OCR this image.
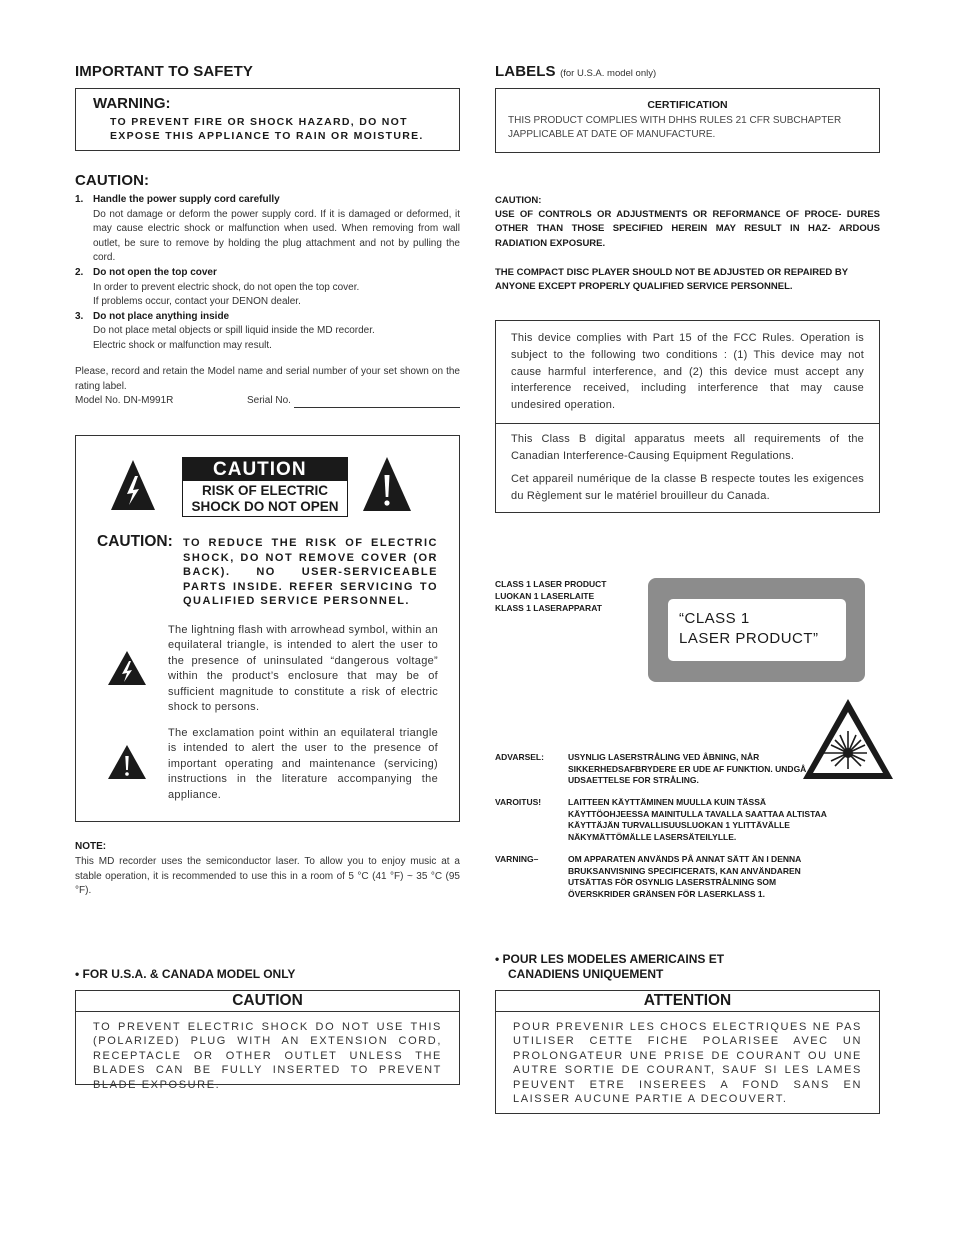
IMPORTANT TO SAFETY
WARNING:
TO PREVENT FIRE OR SHOCK HAZARD, DO NOT EXPOSE THIS APPLIANCE TO RAIN OR MOISTURE.
CAUTION:
1. Handle the power supply cord carefully
Do not damage or deform the power supply cord. If it is damaged or deformed, it may cause electric shock or malfunction when used. When removing from wall outlet, be sure to remove by holding the plug attachment and not by pulling the cord.
2. Do not open the top cover
In order to prevent electric shock, do not open the top cover.
If problems occur, contact your DENON dealer.
3. Do not place anything inside
Do not place metal objects or spill liquid inside the MD recorder.
Electric shock or malfunction may result.
Please, record and retain the Model name and serial number of your set shown on the rating label.
Model No. DN-M991R	Serial No.
CAUTION
RISK OF ELECTRIC
SHOCK DO NOT OPEN
CAUTION: TO REDUCE THE RISK OF ELECTRIC SHOCK, DO NOT REMOVE COVER (OR BACK). NO USER-SERVICEABLE PARTS INSIDE. REFER SERVICING TO QUALIFIED SERVICE PERSONNEL.
The lightning flash with arrowhead symbol, within an equilateral triangle, is intended to alert the user to the presence of uninsulated “dangerous voltage” within the product’s enclosure that may be of sufficient magnitude to constitute a risk of electric shock to persons.
The exclamation point within an equilateral triangle is intended to alert the user to the presence of important operating and maintenance (servicing) instructions in the literature accompanying the appliance.
NOTE:
This MD recorder uses the semiconductor laser. To allow you to enjoy music at a stable operation, it is recommended to use this in a room of 5 °C (41 °F) ~ 35 °C (95 °F).
• FOR U.S.A. & CANADA MODEL ONLY
CAUTION
TO PREVENT ELECTRIC SHOCK DO NOT USE THIS (POLARIZED) PLUG WITH AN EXTENSION CORD, RECEPTACLE OR OTHER OUTLET UNLESS THE BLADES CAN BE FULLY INSERTED TO PREVENT BLADE EXPOSURE.
LABELS (for U.S.A. model only)
CERTIFICATION
THIS PRODUCT COMPLIES WITH DHHS RULES 21 CFR SUBCHAPTER JAPPLICABLE AT DATE OF MANUFACTURE.
CAUTION:
USE OF CONTROLS OR ADJUSTMENTS OR REFORMANCE OF PROCE- DURES OTHER THAN THOSE SPECIFIED HEREIN MAY RESULT IN HAZ- ARDOUS RADIATION EXPOSURE.
THE COMPACT DISC PLAYER SHOULD NOT BE ADJUSTED OR REPAIRED BY ANYONE EXCEPT PROPERLY QUALIFIED SERVICE PERSONNEL.
This device complies with Part 15 of the FCC Rules. Operation is subject to the following two conditions : (1) This device may not cause harmful interference, and (2) this device must accept any interference received, including interference that may cause undesired operation.
This Class B digital apparatus meets all requirements of the Canadian Interference-Causing Equipment Regulations.
Cet appareil numérique de la classe B respecte toutes les exigences du Règlement sur le matériel brouilleur du Canada.
CLASS 1 LASER PRODUCT
LUOKAN 1 LASERLAITE
KLASS 1 LASERAPPARAT
“CLASS 1
LASER PRODUCT”
ADVARSEL:	USYNLIG LASERSTRÅLING VED ÅBNING, NÅR SIKKERHEDSAFBRYDERE ER UDE AF FUNKTION. UNDGÅ UDSAETTELSE FOR STRÅLING.
VAROITUS!	LAITTEEN KÄYTTÄMINEN MUULLA KUIN TÄSSÄ KÄYTTÖOHJEESSA MAINITULLA TAVALLA SAATTAA ALTISTAA KÄYTTÄJÄN TURVALLISUUSLUOKAN 1 YLITTÄVÄLLE NÄKYMÄTTÖMÄLLE LASERSÄTEILYLLE.
VARNING–	OM APPARATEN ANVÄNDS PÅ ANNAT SÄTT ÄN I DENNA BRUKSANVISNING SPECIFICERATS, KAN ANVÄNDAREN UTSÄTTAS FÖR OSYNLIG LASERSTRÅLNING SOM ÖVERSKRIDER GRÄNSEN FÖR LASERKLASS 1.
• POUR LES MODELES AMERICAINS ET
CANADIENS UNIQUEMENT
ATTENTION
POUR PREVENIR LES CHOCS ELECTRIQUES NE PAS UTILISER CETTE FICHE POLARISEE AVEC UN PROLONGATEUR UNE PRISE DE COURANT OU UNE AUTRE SORTIE DE COURANT, SAUF SI LES LAMES PEUVENT ETRE INSEREES A FOND SANS EN LAISSER AUCUNE PARTIE A DECOUVERT.
